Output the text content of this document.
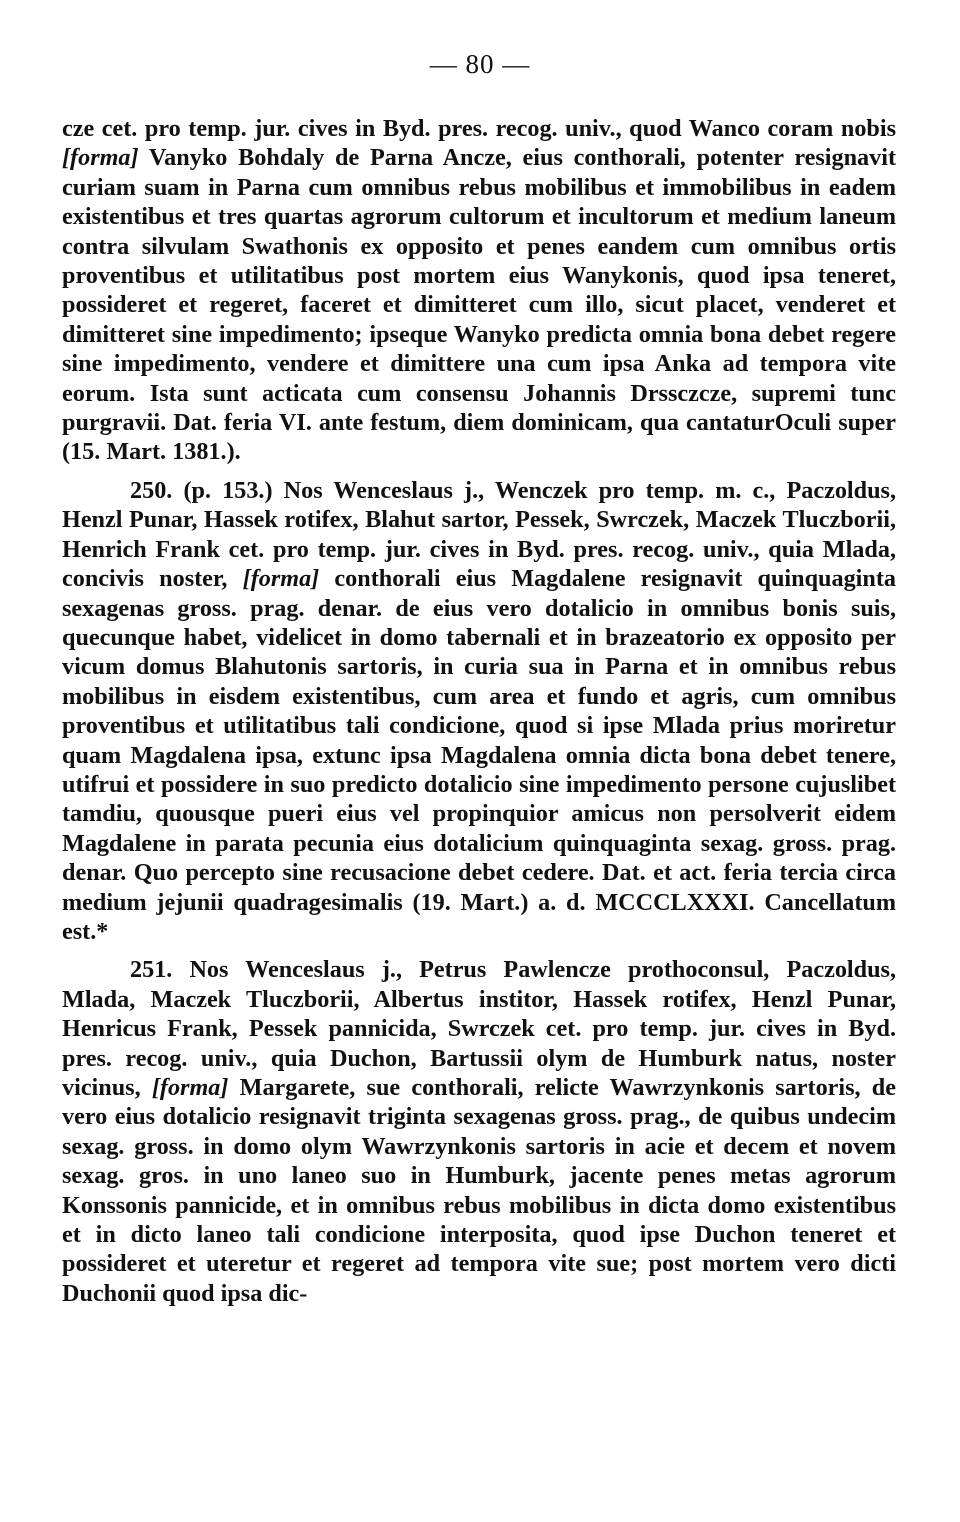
— 80 —

cze cet. pro temp. jur. cives in Byd. pres. recog. univ., quod Wanco coram nobis [forma] Vanyko Bohdaly de Parna Ancze, eius conthorali, potenter resignavit curiam suam in Parna cum omnibus rebus mobilibus et immobilibus in eadem existentibus et tres quartas agrorum cultorum et incultorum et medium laneum contra silvulam Swathonis ex opposito et penes eandem cum omnibus ortis proventibus et utilitatibus post mortem eius Wanykonis, quod ipsa teneret, possideret et regeret, faceret et dimitteret cum illo, sicut placet, venderet et dimitteret sine impedimento; ipseque Wanyko predicta omnia bona debet regere sine impedimento, vendere et dimittere una cum ipsa Anka ad tempora vite eorum. Ista sunt acticata cum consensu Johannis Drssczcze, supremi tunc purgravii. Dat. feria VI. ante festum, diem dominicam, qua cantaturOculi super (15. Mart. 1381.).

250. (p. 153.) Nos Wenceslaus j., Wenczek pro temp. m. c., Paczoldus, Henzl Punar, Hassek rotifex, Blahut sartor, Pessek, Swrczek, Maczek Tluczborii, Henrich Frank cet. pro temp. jur. cives in Byd. pres. recog. univ., quia Mlada, concivis noster, [forma] conthorali eius Magdalene resignavit quinquaginta sexagenas gross. prag. denar. de eius vero dotalicio in omnibus bonis suis, quecunque habet, videlicet in domo tabernali et in brazeatorio ex opposito per vicum domus Blahutonis sartoris, in curia sua in Parna et in omnibus rebus mobilibus in eisdem existentibus, cum area et fundo et agris, cum omnibus proventibus et utilitatibus tali condicione, quod si ipse Mlada prius moriretur quam Magdalena ipsa, extunc ipsa Magdalena omnia dicta bona debet tenere, utifrui et possidere in suo predicto dotalicio sine impedimento persone cujuslibet tamdiu, quousque pueri eius vel propinquior amicus non persolverit eidem Magdalene in parata pecunia eius dotalicium quinquaginta sexag. gross. prag. denar. Quo percepto sine recusacione debet cedere. Dat. et act. feria tercia circa medium jejunii quadragesimalis (19. Mart.) a. d. MCCCLXXXI. Cancellatum est.*

251. Nos Wenceslaus j., Petrus Pawlencze prothoconsul, Paczoldus, Mlada, Maczek Tluczborii, Albertus institor, Hassek rotifex, Henzl Punar, Henricus Frank, Pessek pannicida, Swrczek cet. pro temp. jur. cives in Byd. pres. recog. univ., quia Duchon, Bartussii olym de Humburk natus, noster vicinus, [forma] Margarete, sue conthorali, relicte Wawrzynkonis sartoris, de vero eius dotalicio resignavit triginta sexagenas gross. prag., de quibus undecim sexag. gross. in domo olym Wawrzynkonis sartoris in acie et decem et novem sexag. gros. in uno laneo suo in Humburk, jacente penes metas agrorum Konssonis pannicide, et in omnibus rebus mobilibus in dicta domo existentibus et in dicto laneo tali condicione interposita, quod ipse Duchon teneret et possideret et uteretur et regeret ad tempora vite sue; post mortem vero dicti Duchonii quod ipsa dic-
